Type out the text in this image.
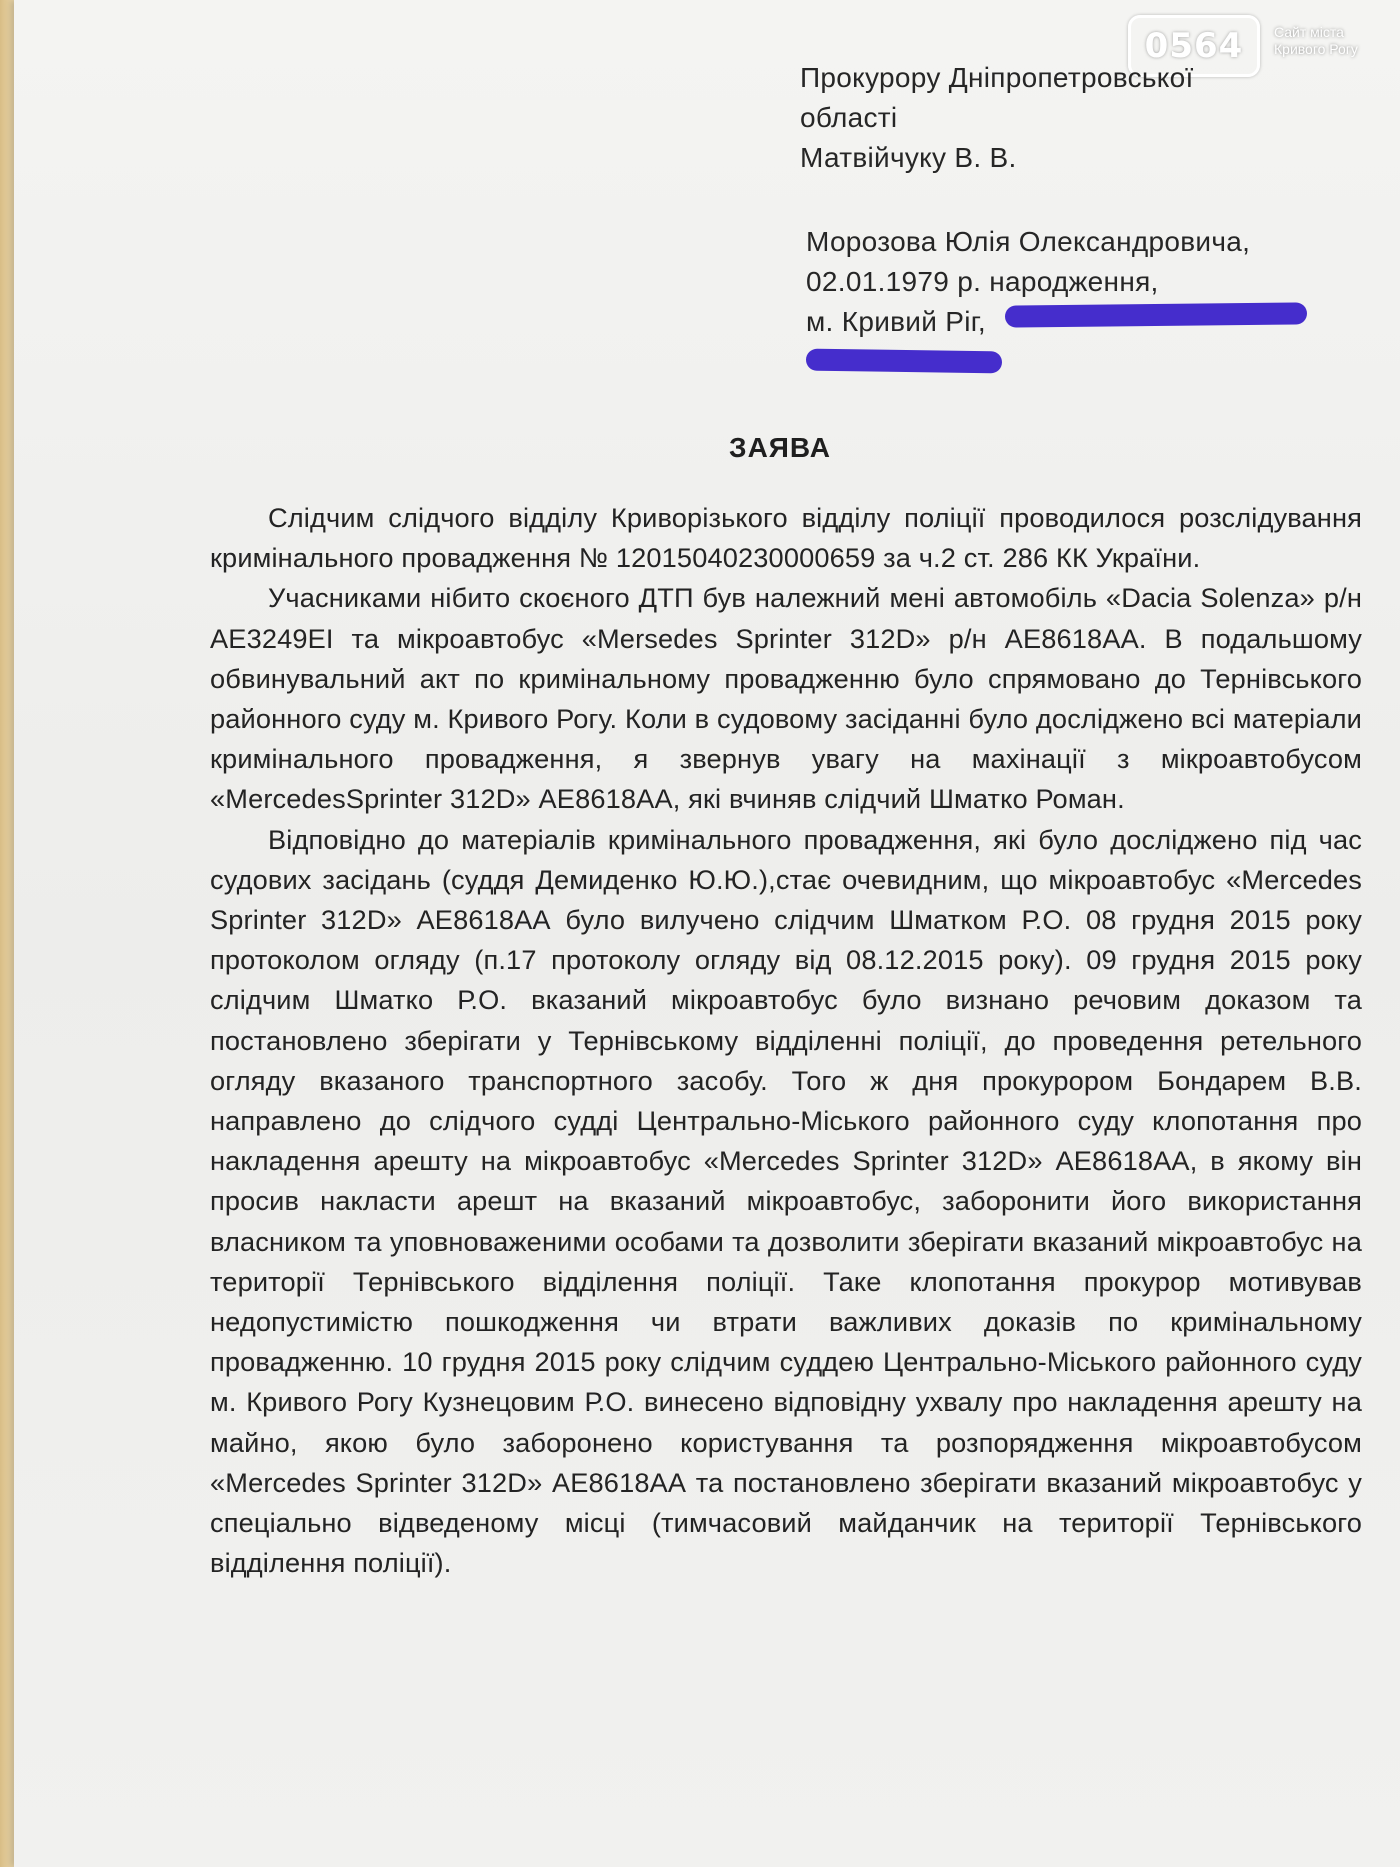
0564	Сайт міста
Кривого Рогу
Прокурору Дніпропетровської
області
Матвійчуку В. В.
Морозова Юлія Олександровича,
02.01.1979 р. народження,
м. Кривий Ріг,
ЗАЯВА

Слідчим слідчого відділу Криворізького відділу поліції проводилося розслідування кримінального провадження № 12015040230000659 за ч.2 ст. 286 КК України.

Учасниками нібито скоєного ДТП був належний мені автомобіль «Dacia Solenza» р/н АЕ3249ЕІ та мікроавтобус «Mersedes Sprinter 312D» р/н АЕ8618АА. В подальшому обвинувальний акт по кримінальному провадженню було спрямовано до Тернівського районного суду м. Кривого Рогу. Коли в судовому засіданні було досліджено всі матеріали кримінального провадження, я звернув увагу на махінації з мікроавтобусом «MercedesSprinter 312D» АЕ8618АА, які вчиняв слідчий Шматко Роман.

Відповідно до матеріалів кримінального провадження, які було досліджено під час судових засідань (суддя Демиденко Ю.Ю.),стає очевидним, що мікроавтобус «Mercedes Sprinter 312D» АЕ8618АА було вилучено слідчим Шматком Р.О. 08 грудня 2015 року протоколом огляду (п.17 протоколу огляду від 08.12.2015 року). 09 грудня 2015 року слідчим Шматко Р.О. вказаний мікроавтобус було визнано речовим доказом та постановлено зберігати у Тернівському відділенні поліції, до проведення ретельного огляду вказаного транспортного засобу. Того ж дня прокурором Бондарем В.В. направлено до слідчого судді Центрально-Міського районного суду клопотання про накладення арешту на мікроавтобус «Mercedes Sprinter 312D» АЕ8618АА, в якому він просив накласти арешт на вказаний мікроавтобус, заборонити його використання власником та уповноваженими особами та дозволити зберігати вказаний мікроавтобус на території Тернівського відділення поліції. Таке клопотання прокурор мотивував недопустимістю пошкодження чи втрати важливих доказів по кримінальному провадженню. 10 грудня 2015 року слідчим суддею Центрально-Міського районного суду м. Кривого Рогу Кузнецовим Р.О. винесено відповідну ухвалу про накладення арешту на майно, якою було заборонено користування та розпорядження мікроавтобусом «Mercedes Sprinter 312D» АЕ8618АА та постановлено зберігати вказаний мікроавтобус у спеціально відведеному місці (тимчасовий майданчик на території Тернівського відділення поліції).
